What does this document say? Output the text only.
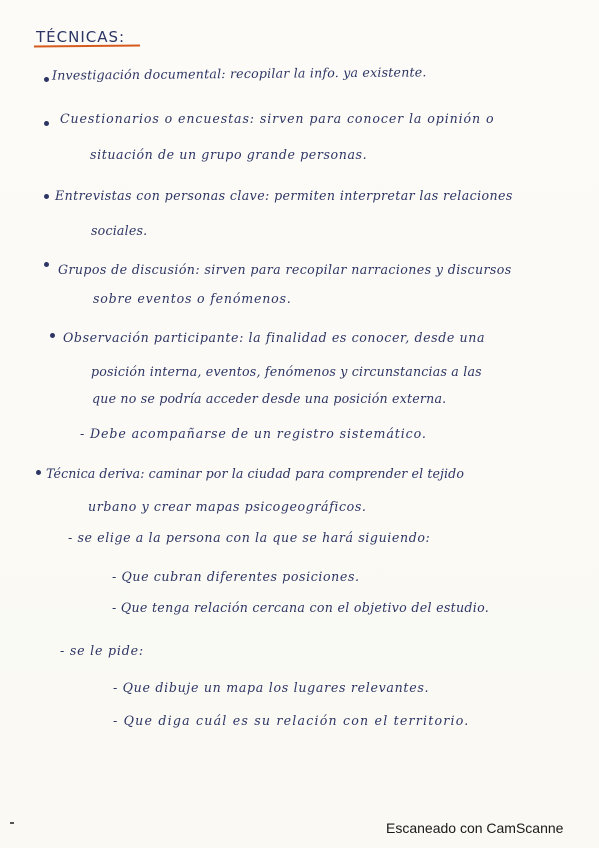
TÉCNICAS:
Investigación documental: recopilar la info. ya existente.
Cuestionarios o encuestas: sirven para conocer la opinión o
situación de un grupo grande personas.
Entrevistas con personas clave: permiten interpretar las relaciones
sociales.
Grupos de discusión: sirven para recopilar narraciones y discursos
sobre eventos o fenómenos.
Observación participante: la finalidad es conocer, desde una
posición interna, eventos, fenómenos y circunstancias a las
que no se podría acceder desde una posición externa.
- Debe acompañarse de un registro sistemático.
Técnica deriva: caminar por la ciudad para comprender el tejido
urbano y crear mapas psicogeográficos.
- se elige a la persona con la que se hará siguiendo:
- Que cubran diferentes posiciones.
- Que tenga relación cercana con el objetivo del estudio.
- se le pide:
- Que dibuje un mapa los lugares relevantes.
- Que diga cuál es su relación con el territorio.
Escaneado con CamScanne
